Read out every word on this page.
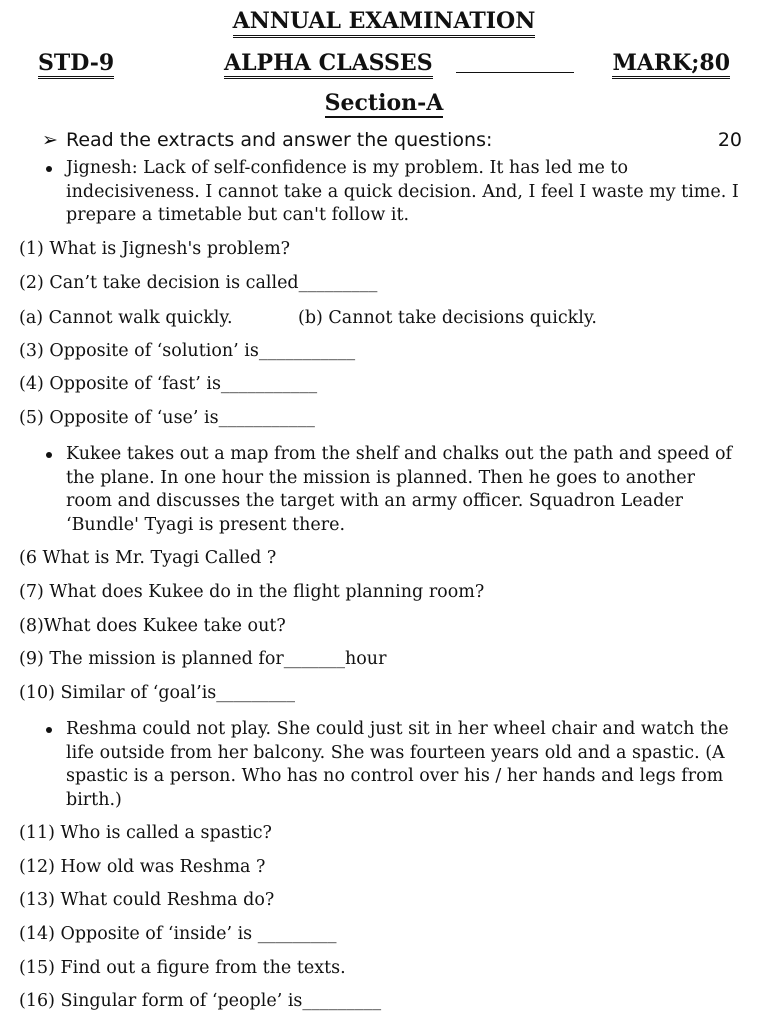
ANNUAL EXAMINATION
STD-9	ALPHA CLASSES	MARK;80
Section-A
➢ Read the extracts and answer the questions:	20
Jignesh: Lack of self-confidence is my problem. It has led me to indecisiveness. I cannot take a quick decision. And, I feel I waste my time. I prepare a timetable but can't follow it.
(1) What is Jignesh's problem?
(2) Can’t take decision is called_________
(a) Cannot walk quickly.	(b) Cannot take decisions quickly.
(3) Opposite of ‘solution’ is___________
(4) Opposite of ‘fast’ is___________
(5) Opposite of ‘use’ is___________
Kukee takes out a map from the shelf and chalks out the path and speed of the plane. In one hour the mission is planned. Then he goes to another room and discusses the target with an army officer. Squadron Leader ‘Bundle' Tyagi is present there.
(6 What is Mr. Tyagi Called ?
(7) What does Kukee do in the flight planning room?
(8)What does Kukee take out?
(9) The mission is planned for_______hour
(10) Similar of ‘goal’is_________
Reshma could not play. She could just sit in her wheel chair and watch the life outside from her balcony. She was fourteen years old and a spastic. (A spastic is a person. Who has no control over his / her hands and legs from birth.)
(11) Who is called a spastic?
(12) How old was Reshma ?
(13) What could Reshma do?
(14) Opposite of ‘inside’ is _________
(15) Find out a figure from the texts.
(16) Singular form of ‘people’ is_________
